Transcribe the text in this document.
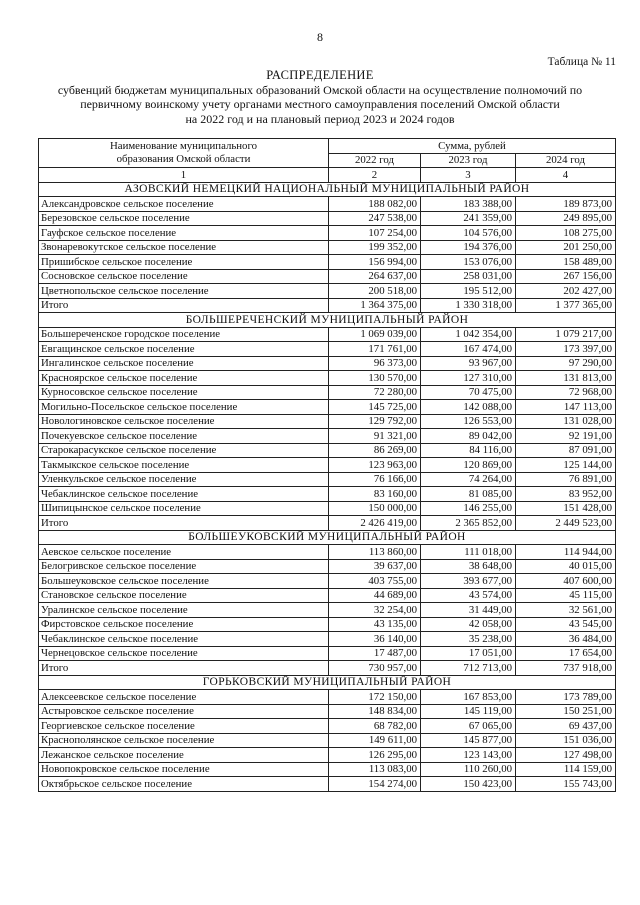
8
Таблица № 11
РАСПРЕДЕЛЕНИЕ
субвенций бюджетам муниципальных образований Омской области на осуществление полномочий по
первичному воинскому учету органами местного самоуправления поселений Омской области
на 2022 год и на плановый период 2023 и 2024 годов
Наименование муниципального
образования Омской области	Сумма, рублей		
	2022 год	2023 год	2024 год
1	2	3	4
АЗОВСКИЙ НЕМЕЦКИЙ НАЦИОНАЛЬНЫЙ МУНИЦИПАЛЬНЫЙ РАЙОН			
Александровское сельское поселение	188 082,00	183 388,00	189 873,00
Березовское сельское поселение	247 538,00	241 359,00	249 895,00
Гауфское сельское поселение	107 254,00	104 576,00	108 275,00
Звонаревокутское сельское поселение	199 352,00	194 376,00	201 250,00
Пришибское сельское поселение	156 994,00	153 076,00	158 489,00
Сосновское сельское поселение	264 637,00	258 031,00	267 156,00
Цветнопольское сельское поселение	200 518,00	195 512,00	202 427,00
Итого	1 364 375,00	1 330 318,00	1 377 365,00
БОЛЬШЕРЕЧЕНСКИЙ МУНИЦИПАЛЬНЫЙ РАЙОН			
Большереченское городское поселение	1 069 039,00	1 042 354,00	1 079 217,00
Евгащинское сельское поселение	171 761,00	167 474,00	173 397,00
Ингалинское сельское поселение	96 373,00	93 967,00	97 290,00
Красноярское сельское поселение	130 570,00	127 310,00	131 813,00
Курносовское сельское поселение	72 280,00	70 475,00	72 968,00
Могильно-Посельское сельское поселение	145 725,00	142 088,00	147 113,00
Новологиновское сельское поселение	129 792,00	126 553,00	131 028,00
Почекуевское сельское поселение	91 321,00	89 042,00	92 191,00
Старокарасукское сельское поселение	86 269,00	84 116,00	87 091,00
Такмыкское сельское поселение	123 963,00	120 869,00	125 144,00
Уленкульское сельское поселение	76 166,00	74 264,00	76 891,00
Чебаклинское сельское поселение	83 160,00	81 085,00	83 952,00
Шипицынское сельское поселение	150 000,00	146 255,00	151 428,00
Итого	2 426 419,00	2 365 852,00	2 449 523,00
БОЛЬШЕУКОВСКИЙ МУНИЦИПАЛЬНЫЙ РАЙОН			
Аевское сельское поселение	113 860,00	111 018,00	114 944,00
Белогривское сельское поселение	39 637,00	38 648,00	40 015,00
Большеуковское сельское поселение	403 755,00	393 677,00	407 600,00
Становское сельское поселение	44 689,00	43 574,00	45 115,00
Уралинское сельское поселение	32 254,00	31 449,00	32 561,00
Фирстовское сельское поселение	43 135,00	42 058,00	43 545,00
Чебаклинское сельское поселение	36 140,00	35 238,00	36 484,00
Чернецовское сельское поселение	17 487,00	17 051,00	17 654,00
Итого	730 957,00	712 713,00	737 918,00
ГОРЬКОВСКИЙ МУНИЦИПАЛЬНЫЙ РАЙОН			
Алексеевское сельское поселение	172 150,00	167 853,00	173 789,00
Астыровское сельское поселение	148 834,00	145 119,00	150 251,00
Георгиевское сельское поселение	68 782,00	67 065,00	69 437,00
Краснополянское сельское поселение	149 611,00	145 877,00	151 036,00
Лежанское сельское поселение	126 295,00	123 143,00	127 498,00
Новопокровское сельское поселение	113 083,00	110 260,00	114 159,00
Октябрьское сельское поселение	154 274,00	150 423,00	155 743,00
